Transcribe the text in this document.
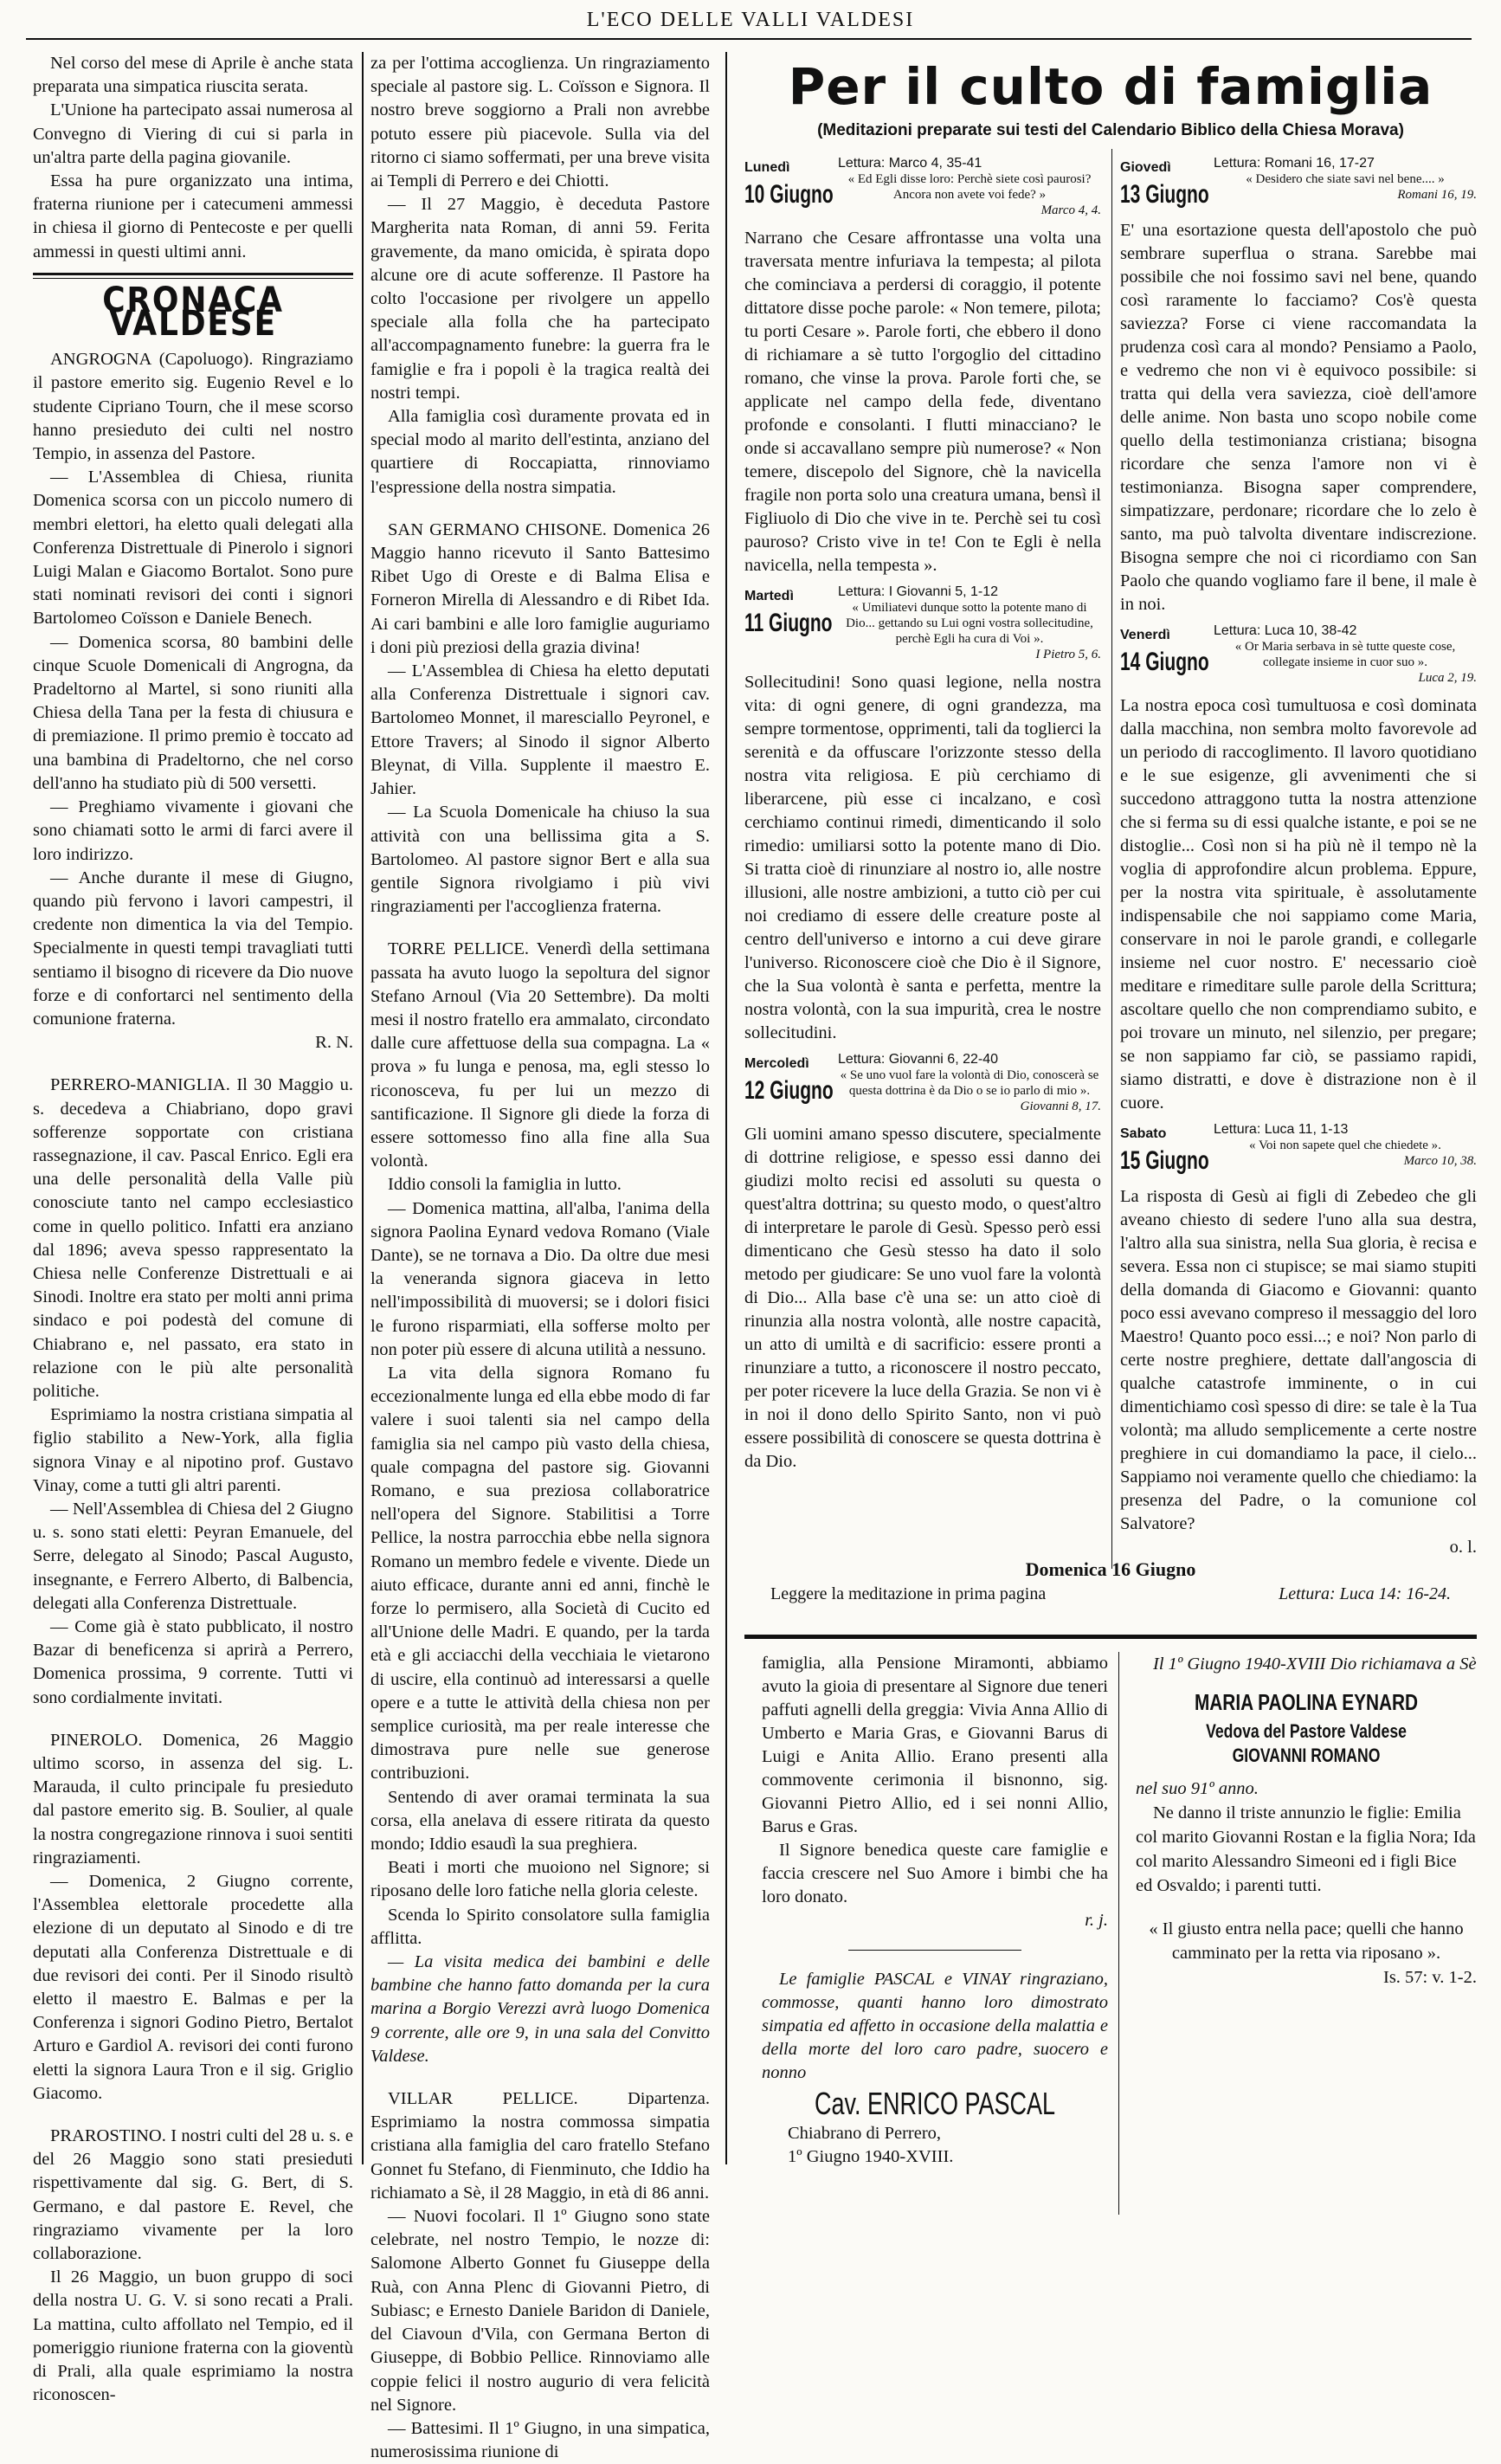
L'ECO DELLE VALLI VALDESI

Nel corso del mese di Aprile è anche stata preparata una simpatica riuscita serata.

L'Unione ha partecipato assai numerosa al Convegno di Viering di cui si parla in un'altra parte della pagina giovanile.

Essa ha pure organizzato una intima, fraterna riunione per i catecumeni ammessi in chiesa il giorno di Pentecoste e per quelli ammessi in questi ultimi anni.

CRONACA VALDESE

ANGROGNA (Capoluogo). Ringraziamo il pastore emerito sig. Eugenio Revel e lo studente Cipriano Tourn, che il mese scorso hanno presieduto dei culti nel nostro Tempio, in assenza del Pastore.

— L'Assemblea di Chiesa, riunita Domenica scorsa con un piccolo numero di membri elettori, ha eletto quali delegati alla Conferenza Distrettuale di Pinerolo i signori Luigi Malan e Giacomo Bortalot. Sono pure stati nominati revisori dei conti i signori Bartolomeo Coïsson e Daniele Benech.

— Domenica scorsa, 80 bambini delle cinque Scuole Domenicali di Angrogna, da Pradeltorno al Martel, si sono riuniti alla Chiesa della Tana per la festa di chiusura e di premiazione. Il primo premio è toccato ad una bambina di Pradeltorno, che nel corso dell'anno ha studiato più di 500 versetti.

— Preghiamo vivamente i giovani che sono chiamati sotto le armi di farci avere il loro indirizzo.

— Anche durante il mese di Giugno, quando più fervono i lavori campestri, il credente non dimentica la via del Tempio. Specialmente in questi tempi travagliati tutti sentiamo il bisogno di ricevere da Dio nuove forze e di confortarci nel sentimento della comunione fraterna.

R. N.

PERRERO-MANIGLIA. Il 30 Maggio u. s. decedeva a Chiabriano, dopo gravi sofferenze sopportate con cristiana rassegnazione, il cav. Pascal Enrico. Egli era una delle personalità della Valle più conosciute tanto nel campo ecclesiastico come in quello politico. Infatti era anziano dal 1896; aveva spesso rappresentato la Chiesa nelle Conferenze Distrettuali e ai Sinodi. Inoltre era stato per molti anni prima sindaco e poi podestà del comune di Chiabrano e, nel passato, era stato in relazione con le più alte personalità politiche.

Esprimiamo la nostra cristiana simpatia al figlio stabilito a New-York, alla figlia signora Vinay e al nipotino prof. Gustavo Vinay, come a tutti gli altri parenti.

— Nell'Assemblea di Chiesa del 2 Giugno u. s. sono stati eletti: Peyran Emanuele, del Serre, delegato al Sinodo; Pascal Augusto, insegnante, e Ferrero Alberto, di Balbencia, delegati alla Conferenza Distrettuale.

— Come già è stato pubblicato, il nostro Bazar di beneficenza si aprirà a Perrero, Domenica prossima, 9 corrente. Tutti vi sono cordialmente invitati.

PINEROLO. Domenica, 26 Maggio ultimo scorso, in assenza del sig. L. Marauda, il culto principale fu presieduto dal pastore emerito sig. B. Soulier, al quale la nostra congregazione rinnova i suoi sentiti ringraziamenti.

— Domenica, 2 Giugno corrente, l'Assemblea elettorale procedette alla elezione di un deputato al Sinodo e di tre deputati alla Conferenza Distrettuale e di due revisori dei conti. Per il Sinodo risultò eletto il maestro E. Balmas e per la Conferenza i signori Godino Pietro, Bertalot Arturo e Gardiol A. revisori dei conti furono eletti la signora Laura Tron e il sig. Griglio Giacomo.

PRAROSTINO. I nostri culti del 28 u. s. e del 26 Maggio sono stati presieduti rispettivamente dal sig. G. Bert, di S. Germano, e dal pastore E. Revel, che ringraziamo vivamente per la loro collaborazione.

Il 26 Maggio, un buon gruppo di soci della nostra U. G. V. si sono recati a Prali. La mattina, culto affollato nel Tempio, ed il pomeriggio riunione fraterna con la gioventù di Prali, alla quale esprimiamo la nostra riconoscen-

za per l'ottima accoglienza. Un ringraziamento speciale al pastore sig. L. Coïsson e Signora. Il nostro breve soggiorno a Prali non avrebbe potuto essere più piacevole. Sulla via del ritorno ci siamo soffermati, per una breve visita ai Templi di Perrero e dei Chiotti.

— Il 27 Maggio, è deceduta Pastore Margherita nata Roman, di anni 59. Ferita gravemente, da mano omicida, è spirata dopo alcune ore di acute sofferenze. Il Pastore ha colto l'occasione per rivolgere un appello speciale alla folla che ha partecipato all'accompagnamento funebre: la guerra fra le famiglie e fra i popoli è la tragica realtà dei nostri tempi.

Alla famiglia così duramente provata ed in special modo al marito dell'estinta, anziano del quartiere di Roccapiatta, rinnoviamo l'espressione della nostra simpatia.

SAN GERMANO CHISONE. Domenica 26 Maggio hanno ricevuto il Santo Battesimo Ribet Ugo di Oreste e di Balma Elisa e Forneron Mirella di Alessandro e di Ribet Ida. Ai cari bambini e alle loro famiglie auguriamo i doni più preziosi della grazia divina!

— L'Assemblea di Chiesa ha eletto deputati alla Conferenza Distrettuale i signori cav. Bartolomeo Monnet, il maresciallo Peyronel, e Ettore Travers; al Sinodo il signor Alberto Bleynat, di Villa. Supplente il maestro E. Jahier.

— La Scuola Domenicale ha chiuso la sua attività con una bellissima gita a S. Bartolomeo. Al pastore signor Bert e alla sua gentile Signora rivolgiamo i più vivi ringraziamenti per l'accoglienza fraterna.

TORRE PELLICE. Venerdì della settimana passata ha avuto luogo la sepoltura del signor Stefano Arnoul (Via 20 Settembre). Da molti mesi il nostro fratello era ammalato, circondato dalle cure affettuose della sua compagna. La « prova » fu lunga e penosa, ma, egli stesso lo riconosceva, fu per lui un mezzo di santificazione. Il Signore gli diede la forza di essere sottomesso fino alla fine alla Sua volontà.

Iddio consoli la famiglia in lutto.

— Domenica mattina, all'alba, l'anima della signora Paolina Eynard vedova Romano (Viale Dante), se ne tornava a Dio. Da oltre due mesi la veneranda signora giaceva in letto nell'impossibilità di muoversi; se i dolori fisici le furono risparmiati, ella sofferse molto per non poter più essere di alcuna utilità a nessuno.

La vita della signora Romano fu eccezionalmente lunga ed ella ebbe modo di far valere i suoi talenti sia nel campo della famiglia sia nel campo più vasto della chiesa, quale compagna del pastore sig. Giovanni Romano, e sua preziosa collaboratrice nell'opera del Signore. Stabilitisi a Torre Pellice, la nostra parrocchia ebbe nella signora Romano un membro fedele e vivente. Diede un aiuto efficace, durante anni ed anni, finchè le forze lo permisero, alla Società di Cucito ed all'Unione delle Madri. E quando, per la tarda età e gli acciacchi della vecchiaia le vietarono di uscire, ella continuò ad interessarsi a quelle opere e a tutte le attività della chiesa non per semplice curiosità, ma per reale interesse che dimostrava pure nelle sue generose contribuzioni.

Sentendo di aver oramai terminata la sua corsa, ella anelava di essere ritirata da questo mondo; Iddio esaudì la sua preghiera.

Beati i morti che muoiono nel Signore; si riposano delle loro fatiche nella gloria celeste.

Scenda lo Spirito consolatore sulla famiglia afflitta.

— La visita medica dei bambini e delle bambine che hanno fatto domanda per la cura marina a Borgio Verezzi avrà luogo Domenica 9 corrente, alle ore 9, in una sala del Convitto Valdese.

VILLAR PELLICE. Dipartenza. Esprimiamo la nostra commossa simpatia cristiana alla famiglia del caro fratello Stefano Gonnet fu Stefano, di Fienminuto, che Iddio ha richiamato a Sè, il 28 Maggio, in età di 86 anni.

— Nuovi focolari. Il 1º Giugno sono state celebrate, nel nostro Tempio, le nozze di: Salomone Alberto Gonnet fu Giuseppe della Ruà, con Anna Plenc di Giovanni Pietro, di Subiasc; e Ernesto Daniele Baridon di Daniele, del Ciavoun d'Vila, con Germana Berton di Giuseppe, di Bobbio Pellice. Rinnoviamo alle coppie felici il nostro augurio di vera felicità nel Signore.

— Battesimi. Il 1º Giugno, in una simpatica, numerosissima riunione di

Per il culto di famiglia
(Meditazioni preparate sui testi del Calendario Biblico della Chiesa Morava)
Lunedì
10 Giugno
Lettura: Marco 4, 35-41
« Ed Egli disse loro: Perchè siete così paurosi? Ancora non avete voi fede? »
Marco 4, 4.

Narrano che Cesare affrontasse una volta una traversata mentre infuriava la tempesta; al pilota che cominciava a perdersi di coraggio, il potente dittatore disse poche parole: « Non temere, pilota; tu porti Cesare ». Parole forti, che ebbero il dono di richiamare a sè tutto l'orgoglio del cittadino romano, che vinse la prova. Parole forti che, se applicate nel campo della fede, diventano profonde e consolanti. I flutti minacciano? le onde si accavallano sempre più numerose? « Non temere, discepolo del Signore, chè la navicella fragile non porta solo una creatura umana, bensì il Figliuolo di Dio che vive in te. Perchè sei tu così pauroso? Cristo vive in te! Con te Egli è nella navicella, nella tempesta ».

Martedì
11 Giugno
Lettura: I Giovanni 5, 1-12
« Umiliatevi dunque sotto la potente mano di Dio... gettando su Lui ogni vostra sollecitudine, perchè Egli ha cura di Voi ».
I Pietro 5, 6.

Sollecitudini! Sono quasi legione, nella nostra vita: di ogni genere, di ogni grandezza, ma sempre tormentose, opprimenti, tali da toglierci la serenità e da offuscare l'orizzonte stesso della nostra vita religiosa. E più cerchiamo di liberarcene, più esse ci incalzano, e così cerchiamo continui rimedi, dimenticando il solo rimedio: umiliarsi sotto la potente mano di Dio. Si tratta cioè di rinunziare al nostro io, alle nostre illusioni, alle nostre ambizioni, a tutto ciò per cui noi crediamo di essere delle creature poste al centro dell'universo e intorno a cui deve girare l'universo. Riconoscere cioè che Dio è il Signore, che la Sua volontà è santa e perfetta, mentre la nostra volontà, con la sua impurità, crea le nostre sollecitudini.

Mercoledì
12 Giugno
Lettura: Giovanni 6, 22-40
« Se uno vuol fare la volontà di Dio, conoscerà se questa dottrina è da Dio o se io parlo di mio ».
Giovanni 8, 17.

Gli uomini amano spesso discutere, specialmente di dottrine religiose, e spesso essi danno dei giudizi molto recisi ed assoluti su questa o quest'altra dottrina; su questo modo, o quest'altro di interpretare le parole di Gesù. Spesso però essi dimenticano che Gesù stesso ha dato il solo metodo per giudicare: Se uno vuol fare la volontà di Dio... Alla base c'è una se: un atto cioè di rinunzia alla nostra volontà, alle nostre capacità, un atto di umiltà e di sacrificio: essere pronti a rinunziare a tutto, a riconoscere il nostro peccato, per poter ricevere la luce della Grazia. Se non vi è in noi il dono dello Spirito Santo, non vi può essere possibilità di conoscere se questa dottrina è da Dio.

Giovedì
13 Giugno
Lettura: Romani 16, 17-27
« Desidero che siate savi nel bene.... »
Romani 16, 19.

E' una esortazione questa dell'apostolo che può sembrare superflua o strana. Sarebbe mai possibile che noi fossimo savi nel bene, quando così raramente lo facciamo? Cos'è questa saviezza? Forse ci viene raccomandata la prudenza così cara al mondo? Pensiamo a Paolo, e vedremo che non vi è equivoco possibile: si tratta qui della vera saviezza, cioè dell'amore delle anime. Non basta uno scopo nobile come quello della testimonianza cristiana; bisogna ricordare che senza l'amore non vi è testimonianza. Bisogna saper comprendere, simpatizzare, perdonare; ricordare che lo zelo è santo, ma può talvolta diventare indiscrezione. Bisogna sempre che noi ci ricordiamo con San Paolo che quando vogliamo fare il bene, il male è in noi.

Venerdì
14 Giugno
Lettura: Luca 10, 38-42
« Or Maria serbava in sè tutte queste cose, collegate insieme in cuor suo ».
Luca 2, 19.

La nostra epoca così tumultuosa e così dominata dalla macchina, non sembra molto favorevole ad un periodo di raccoglimento. Il lavoro quotidiano e le sue esigenze, gli avvenimenti che si succedono attraggono tutta la nostra attenzione che si ferma su di essi qualche istante, e poi se ne distoglie... Così non si ha più nè il tempo nè la voglia di approfondire alcun problema. Eppure, per la nostra vita spirituale, è assolutamente indispensabile che noi sappiamo come Maria, conservare in noi le parole grandi, e collegarle insieme nel cuor nostro. E' necessario cioè meditare e rimeditare sulle parole della Scrittura; ascoltare quello che non comprendiamo subito, e poi trovare un minuto, nel silenzio, per pregare; se non sappiamo far ciò, se passiamo rapidi, siamo distratti, e dove è distrazione non è il cuore.

Sabato
15 Giugno
Lettura: Luca 11, 1-13
« Voi non sapete quel che chiedete ».
Marco 10, 38.

La risposta di Gesù ai figli di Zebedeo che gli aveano chiesto di sedere l'uno alla sua destra, l'altro alla sua sinistra, nella Sua gloria, è recisa e severa. Essa non ci stupisce; se mai siamo stupiti della domanda di Giacomo e Giovanni: quanto poco essi avevano compreso il messaggio del loro Maestro! Quanto poco essi...; e noi? Non parlo di certe nostre preghiere, dettate dall'angoscia di qualche catastrofe imminente, o in cui dimentichiamo così spesso di dire: se tale è la Tua volontà; ma alludo semplicemente a certe nostre preghiere in cui domandiamo la pace, il cielo... Sappiamo noi veramente quello che chiediamo: la presenza del Padre, o la comunione col Salvatore?

o. l.
Domenica 16 Giugno
Leggere la meditazione in prima pagina	Lettura: Luca 14: 16-24.

famiglia, alla Pensione Miramonti, abbiamo avuto la gioia di presentare al Signore due teneri paffuti agnelli della greggia: Vivia Anna Allio di Umberto e Maria Gras, e Giovanni Barus di Luigi e Anita Allio. Erano presenti alla commovente cerimonia il bisnonno, sig. Giovanni Pietro Allio, ed i sei nonni Allio, Barus e Gras.

Il Signore benedica queste care famiglie e faccia crescere nel Suo Amore i bimbi che ha loro donato.

r. j.

Le famiglie PASCAL e VINAY ringraziano, commosse, quanti hanno loro dimostrato simpatia ed affetto in occasione della malattia e della morte del loro caro padre, suocero e nonno

Cav. ENRICO PASCAL
Chiabrano di Perrero,
1º Giugno 1940-XVIII.

Il 1º Giugno 1940-XVIII Dio richiamava a Sè

MARIA PAOLINA EYNARD
Vedova del Pastore Valdese GIOVANNI ROMANO

nel suo 91º anno.

Ne danno il triste annunzio le figlie: Emilia col marito Giovanni Rostan e la figlia Nora; Ida col marito Alessandro Simeoni ed i figli Bice ed Osvaldo; i parenti tutti.

« Il giusto entra nella pace; quelli che hanno camminato per la retta via riposano ».

Is. 57: v. 1-2.
